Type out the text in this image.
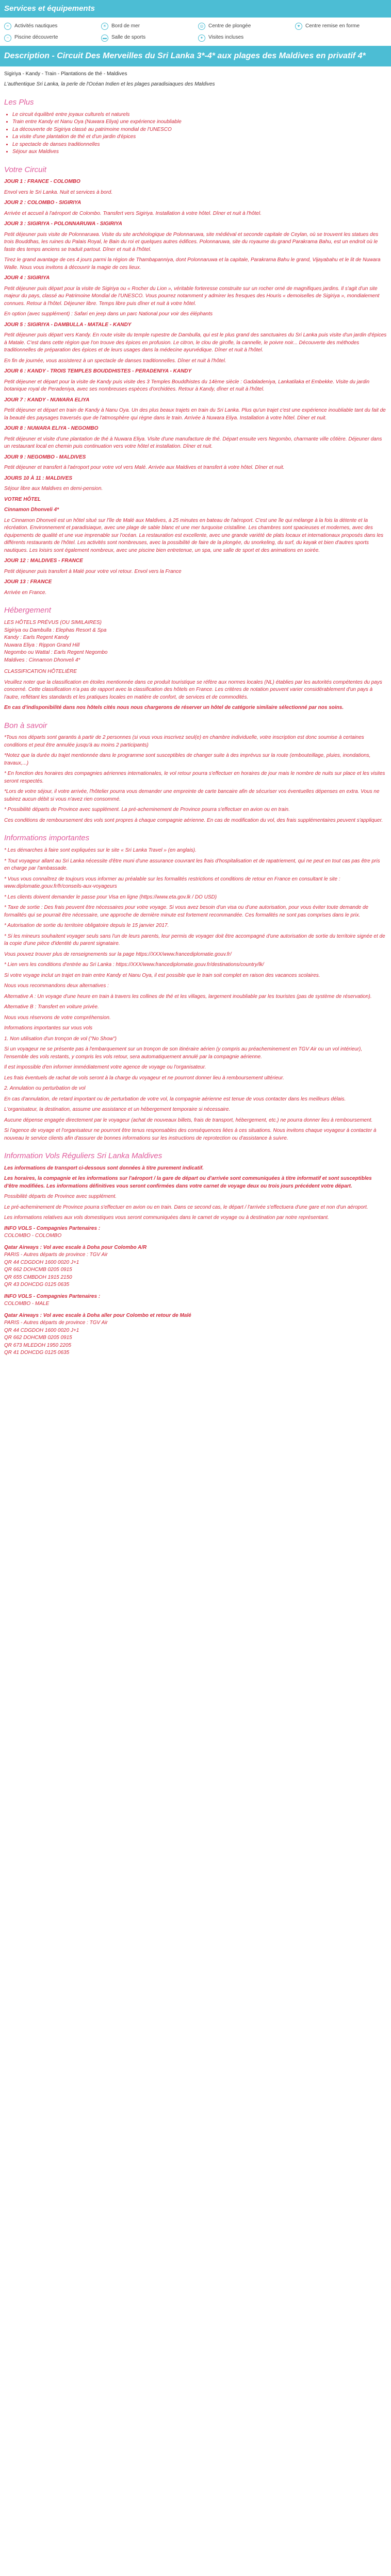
Services et équipements
≈	Activités nautiques	☀ Bord de mer	◎ Centre de plongée	♥	Centre remise en forme
~	Piscine découverte	▬ Salle de sports	✦ Visites incluses
Description - Circuit Des Merveilles du Sri Lanka 3*-4* aux plages des Maldives en privatif 4*

Sigiriya - Kandy - Train - Plantations de thé - Maldives

L'authentique Sri Lanka, la perle de l'Océan Indien et les plages paradisiaques des Maldives

Les Plus
• Le circuit équilibré entre joyaux culturels et naturels
• Train entre Kandy et Nanu Oya (Nuwara Eliya) une expérience inoubliable
• La découverte de Sigiriya classé au patrimoine mondial de l'UNESCO
• La visite d'une plantation de thé et d'un jardin d'épices
• Le spectacle de danses traditionnelles
• Séjour aux Maldives
Votre Circuit

JOUR 1 : FRANCE - COLOMBO

Envol vers le Sri Lanka. Nuit et services à bord.

JOUR 2 : COLOMBO - SIGIRIYA

Arrivée et accueil à l'aéroport de Colombo. Transfert vers Sigiriya. Installation à votre hôtel. Dîner et nuit à l'hôtel.

JOUR 3 : SIGIRIYA - POLONNARUWA - SIGIRIYA

Petit déjeuner puis visite de Polonnaruwa. Visite du site archéologique de Polonnaruwa, site médiéval et seconde capitale de Ceylan, où se trouvent les statues des trois Bouddhas, les ruines du Palais Royal, le Bain du roi et quelques autres édifices. Polonnaruwa, site du royaume du grand Parakrama Bahu, est un endroit où le faste des temps anciens se traduit partout. Dîner et nuit à l'hôtel.

Tirez le grand avantage de ces 4 jours parmi la région de Thambapanniya, dont Polonnaruwa et la capitale, Parakrama Bahu le grand, Vijayabahu et le lit de Nuwara Walle. Nous vous invitons à découvrir la magie de ces lieux.

JOUR 4 : SIGIRIYA

Petit déjeuner puis départ pour la visite de Sigiriya ou « Rocher du Lion », véritable forteresse construite sur un rocher orné de magnifiques jardins. Il s'agit d'un site majeur du pays, classé au Patrimoine Mondial de l'UNESCO. Vous pourrez notamment y admirer les fresques des Houris « demoiselles de Sigiriya », mondialement connues. Retour à l'hôtel. Déjeuner libre. Temps libre puis dîner et nuit à votre hôtel.

En option (avec supplément) : Safari en jeep dans un parc National pour voir des éléphants

JOUR 5 : SIGIRIYA - DAMBULLA - MATALE - KANDY

Petit déjeuner puis départ vers Kandy. En route visite du temple rupestre de Dambulla, qui est le plus grand des sanctuaires du Sri Lanka puis visite d'un jardin d'épices à Matale. C'est dans cette région que l'on trouve des épices en profusion. Le citron, le clou de girofle, la cannelle, le poivre noir... Découverte des méthodes traditionnelles de préparation des épices et de leurs usages dans la médecine ayurvédique. Dîner et nuit à l'hôtel.

En fin de journée, vous assisterez à un spectacle de danses traditionnelles. Dîner et nuit à l'hôtel.

JOUR 6 : KANDY - TROIS TEMPLES BOUDDHISTES - PERADENIYA - KANDY

Petit déjeuner et départ pour la visite de Kandy puis visite des 3 Temples Bouddhistes du 14ème siècle : Gadaladeniya, Lankatilaka et Embekke. Visite du jardin botanique royal de Peradeniya, avec ses nombreuses espèces d'orchidées. Retour à Kandy, dîner et nuit à l'hôtel.

JOUR 7 : KANDY - NUWARA ELIYA

Petit déjeuner et départ en train de Kandy à Nanu Oya. Un des plus beaux trajets en train du Sri Lanka. Plus qu'un trajet c'est une expérience inoubliable tant du fait de la beauté des paysages traversés que de l'atmosphère qui règne dans le train. Arrivée à Nuwara Eliya. Installation à votre hôtel. Dîner et nuit.

JOUR 8 : NUWARA ELIYA - NEGOMBO

Petit déjeuner et visite d'une plantation de thé à Nuwara Eliya. Visite d'une manufacture de thé. Départ ensuite vers Negombo, charmante ville côtière. Déjeuner dans un restaurant local en chemin puis continuation vers votre hôtel et installation. Dîner et nuit.

JOUR 9 : NEGOMBO - MALDIVES

Petit déjeuner et transfert à l'aéroport pour votre vol vers Malé. Arrivée aux Maldives et transfert à votre hôtel. Dîner et nuit.

JOURS 10 À 11 : MALDIVES

Séjour libre aux Maldives en demi-pension.

VOTRE HÔTEL

Cinnamon Dhonveli 4*

Le Cinnamon Dhonveli est un hôtel situé sur l'île de Malé aux Maldives, à 25 minutes en bateau de l'aéroport. C'est une île qui mélange à la fois la détente et la récréation. Environnement et paradisiaque, avec une plage de sable blanc et une mer turquoise cristalline. Les chambres sont spacieuses et modernes, avec des équipements de qualité et une vue imprenable sur l'océan. La restauration est excellente, avec une grande variété de plats locaux et internationaux proposés dans les différents restaurants de l'hôtel. Les activités sont nombreuses, avec la possibilité de faire de la plongée, du snorkeling, du surf, du kayak et bien d'autres sports nautiques. Les loisirs sont également nombreux, avec une piscine bien entretenue, un spa, une salle de sport et des animations en soirée.

JOUR 12 : MALDIVES - FRANCE

Petit déjeuner puis transfert à Malé pour votre vol retour. Envol vers la France

JOUR 13 : FRANCE

Arrivée en France.

Hébergement

LES HÔTELS PRÉVUS (OU SIMILAIRES)

Sigiriya ou Dambulla : Elephas Resort & Spa

Kandy : Earls Regent Kandy

Nuwara Eliya : Rippon Grand Hill

Negombo ou Wattal : Earls Regent Negombo

Maldives : Cinnamon Dhonveli 4*

CLASSIFICATION HÔTELIÈRE

Veuillez noter que la classification en étoiles mentionnée dans ce produit touristique se réfère aux normes locales (NL) établies par les autorités compétentes du pays concerné. Cette classification n'a pas de rapport avec la classification des hôtels en France. Les critères de notation peuvent varier considérablement d'un pays à l'autre, reflétant les standards et les pratiques locales en matière de confort, de services et de commodités.

En cas d'indisponibilité dans nos hôtels cités nous nous chargerons de réserver un hôtel de catégorie similaire sélectionné par nos soins.

Bon à savoir

*Tous nos départs sont garantis à partir de 2 personnes (si vous vous inscrivez seul(e) en chambre individuelle, votre inscription est donc soumise à certaines conditions et peut être annulée jusqu'à au moins 2 participants)

*Notez que la durée du trajet mentionnée dans le programme sont susceptibles de changer suite à des imprévus sur la route (embouteillage, pluies, inondations, travaux,...)

* En fonction des horaires des compagnies aériennes internationales, le vol retour pourra s'effectuer en horaires de jour mais le nombre de nuits sur place et les visites seront respectés.

*Lors de votre séjour, il votre arrivée, l'hôtelier pourra vous demander une empreinte de carte bancaire afin de sécuriser vos éventuelles dépenses en extra. Vous ne subirez aucun débit si vous n'avez rien consommé.

* Possibilité départs de Province avec supplément. La pré-acheminement de Province pourra s'effectuer en avion ou en train.

Ces conditions de remboursement des vols sont propres à chaque compagnie aérienne. En cas de modification du vol, des frais supplémentaires peuvent s'appliquer.

Informations importantes

* Les démarches à faire sont expliquées sur le site « Sri Lanka Travel » (en anglais).

* Tout voyageur allant au Sri Lanka nécessite d'être muni d'une assurance couvrant les frais d'hospitalisation et de rapatriement, qui ne peut en tout cas pas être pris en charge par l'ambassade.

* Vous vous connaîtrez de toujours vous informer au préalable sur les formalités restrictions et conditions de retour en France en consultant le site : www.diplomatie.gouv.fr/fr/conseils-aux-voyageurs

* Les clients doivent demander le passe pour Visa en ligne (https://www.eta.gov.lk / DO USD)

* Taxe de sortie : Des frais peuvent être nécessaires pour votre voyage. Si vous avez besoin d'un visa ou d'une autorisation, pour vous éviter toute demande de formalités qui se pourrait être nécessaire, une approche de dernière minute est fortement recommandée. Ces formalités ne sont pas comprises dans le prix.

* Autorisation de sortie du territoire obligatoire depuis le 15 janvier 2017.

* Si les mineurs souhaitent voyager seuls sans l'un de leurs parents, leur permis de voyager doit être accompagné d'une autorisation de sortie du territoire signée et de la copie d'une pièce d'identité du parent signataire.

Vous pouvez trouver plus de renseignements sur la page https://XXX/www.francediplomatie.gouv.fr/

* Lien vers les conditions d'entrée au Sri Lanka : https://XXX/www.francediplomatie.gouv.fr/destinations/country/lk/

Si votre voyage inclut un trajet en train entre Kandy et Nanu Oya, il est possible que le train soit complet en raison des vacances scolaires.

Nous vous recommandons deux alternatives :

Alternative A : Un voyage d'une heure en train à travers les collines de thé et les villages, largement inoubliable par les touristes (pas de système de réservation).

Alternative B : Transfert en voiture privée.

Nous vous réservons de votre compréhension.

Informations importantes sur vous vols

1. Non utilisation d'un tronçon de vol ("No Show")

Si un voyageur ne se présente pas à l'embarquement sur un tronçon de son itinéraire aérien (y compris au préacheminement en TGV Air ou un vol intérieur), l'ensemble des vols restants, y compris les vols retour, sera automatiquement annulé par la compagnie aérienne.

Il est impossible d'en informer immédiatement votre agence de voyage ou l'organisateur.

Les frais éventuels de rachat de vols seront à la charge du voyageur et ne pourront donner lieu à remboursement ultérieur.

2. Annulation ou perturbation de vol

En cas d'annulation, de retard important ou de perturbation de votre vol, la compagnie aérienne est tenue de vous contacter dans les meilleurs délais.

L'organisateur, la destination, assume une assistance et un hébergement temporaire si nécessaire.

Aucune dépense engagée directement par le voyageur (achat de nouveaux billets, frais de transport, hébergement, etc.) ne pourra donner lieu à remboursement.

Si l'agence de voyage et l'organisateur ne pourront être tenus responsables des conséquences liées à ces situations. Nous invitons chaque voyageur à contacter à nouveau le service clients afin d'assurer de bonnes informations sur les instructions de reprotection ou d'assistance à suivre.

Information Vols Réguliers Sri Lanka Maldives

Les informations de transport ci-dessous sont données à titre purement indicatif.

Les horaires, la compagnie et les informations sur l'aéroport / la gare de départ ou d'arrivée sont communiquées à titre informatif et sont susceptibles d'être modifiées. Les informations définitives vous seront confirmées dans votre carnet de voyage deux ou trois jours précédent votre départ.

Possibilité départs de Province avec supplément.

Le pré-acheminement de Province pourra s'effectuer en avion ou en train. Dans ce second cas, le départ / l'arrivée s'effectuera d'une gare et non d'un aéroport.

Les informations relatives aux vols domestiques vous seront communiquées dans le carnet de voyage ou à destination par notre représentant.

INFO VOLS - Compagnies Partenaires :
COLOMBO - COLOMBO
Qatar Airways : Vol avec escale à Doha pour Colombo A/R
PARIS - Autres départs de province : TGV Air
QR 44 CDGDOH 1600 0020 J+1
QR 662 DOHCMB 0205 0915
QR 655 CMBDOH 1915 2150
QR 43 DOHCDG 0125 0635
INFO VOLS - Compagnies Partenaires :
COLOMBO - MALE
Qatar Airways : Vol avec escale à Doha aller pour Colombo et retour de Malé
PARIS - Autres départs de province : TGV Air
QR 44 CDGDOH 1600 0020 J+1
QR 662 DOHCMB 0205 0915
QR 673 MLEDOH 1950 2205
QR 41 DOHCDG 0125 0635
